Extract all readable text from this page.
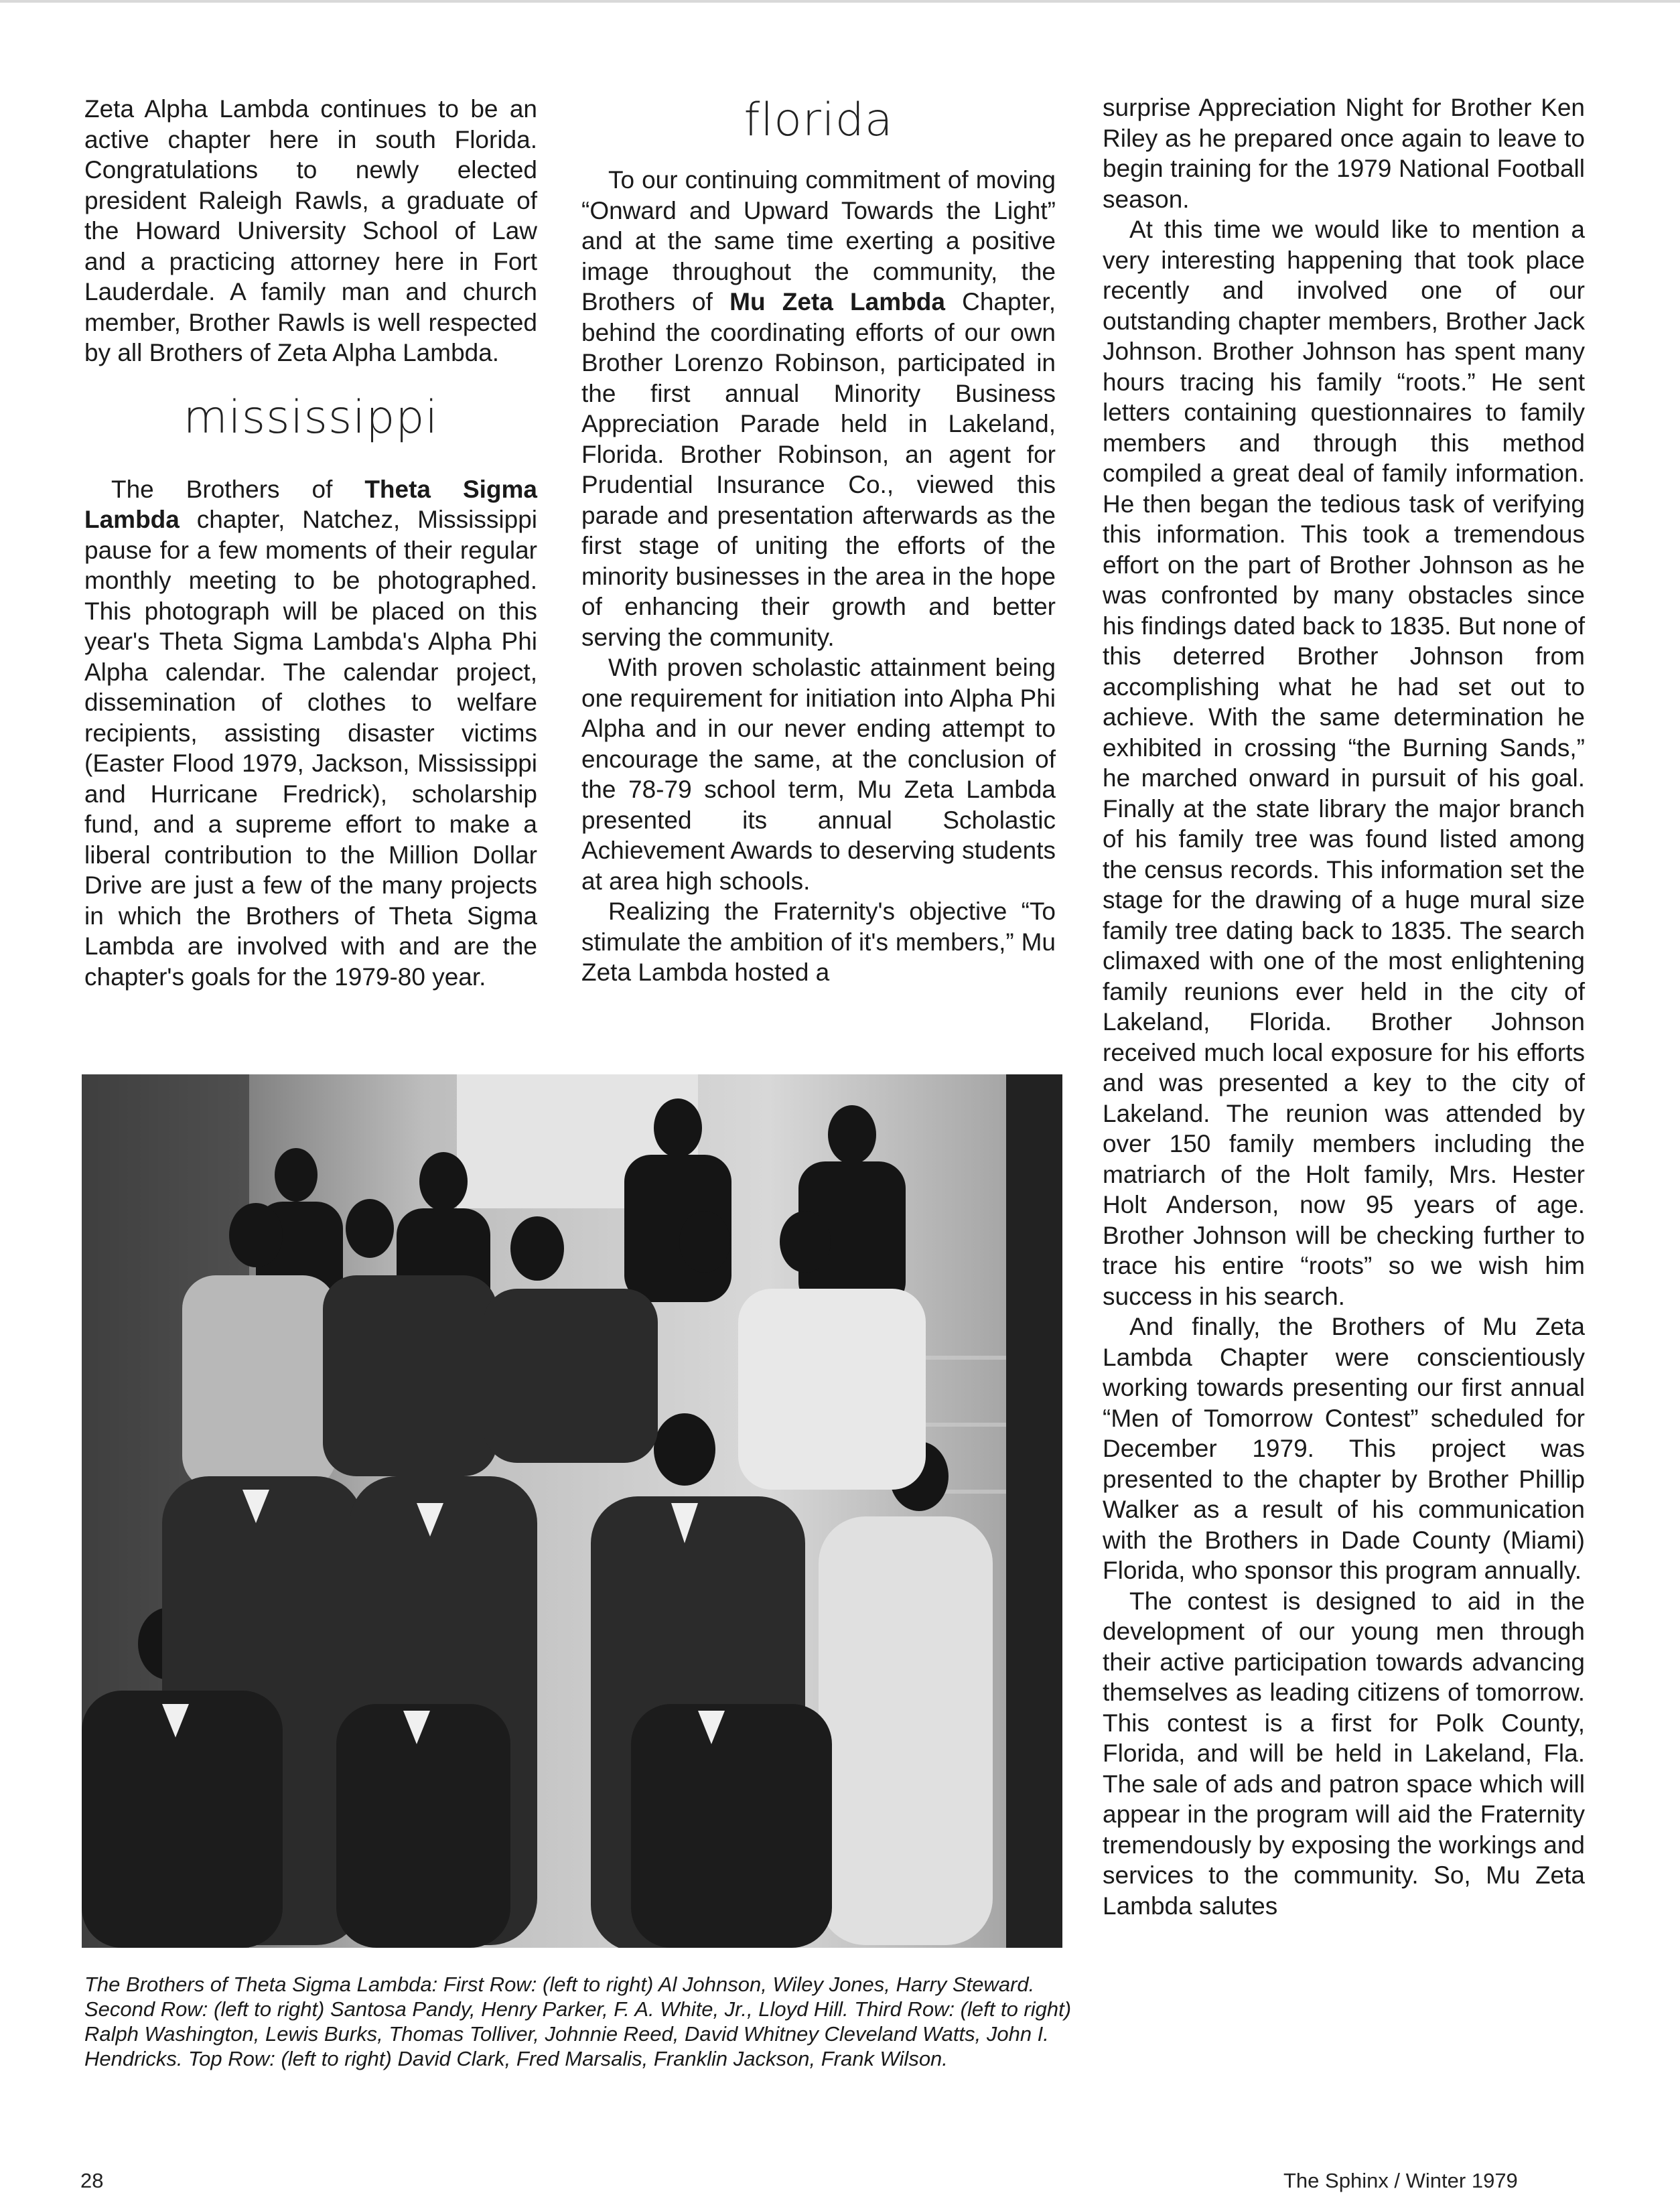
Zeta Alpha Lambda continues to be an active chapter here in south Florida. Congratulations to newly elected president Raleigh Rawls, a graduate of the Howard University School of Law and a practicing attorney here in Fort Lauderdale. A family man and church member, Brother Rawls is well respected by all Brothers of Zeta Alpha Lambda.

mississippi

The Brothers of Theta Sigma Lambda chapter, Natchez, Mississippi pause for a few moments of their regular monthly meeting to be photographed. This photograph will be placed on this year's Theta Sigma Lambda's Alpha Phi Alpha calendar. The calendar project, dissemination of clothes to welfare recipients, assisting disaster victims (Easter Flood 1979, Jackson, Mississippi and Hurricane Fredrick), scholarship fund, and a supreme effort to make a liberal contribution to the Million Dollar Drive are just a few of the many projects in which the Brothers of Theta Sigma Lambda are involved with and are the chapter's goals for the 1979-80 year.

florida

To our continuing commitment of moving “Onward and Upward Towards the Light” and at the same time exerting a positive image throughout the community, the Brothers of Mu Zeta Lambda Chapter, behind the coordinating efforts of our own Brother Lorenzo Robinson, participated in the first annual Minority Business Appreciation Parade held in Lakeland, Florida. Brother Robinson, an agent for Prudential Insurance Co., viewed this parade and presentation afterwards as the first stage of uniting the efforts of the minority businesses in the area in the hope of enhancing their growth and better serving the community.

With proven scholastic attainment being one requirement for initiation into Alpha Phi Alpha and in our never ending attempt to encourage the same, at the conclusion of the 78-79 school term, Mu Zeta Lambda presented its annual Scholastic Achievement Awards to deserving students at area high schools.

Realizing the Fraternity's objective “To stimulate the ambition of it's members,” Mu Zeta Lambda hosted a

surprise Appreciation Night for Brother Ken Riley as he prepared once again to leave to begin training for the 1979 National Football season.

At this time we would like to mention a very interesting happening that took place recently and involved one of our outstanding chapter members, Brother Jack Johnson. Brother Johnson has spent many hours tracing his family “roots.” He sent letters containing questionnaires to family members and through this method compiled a great deal of family information. He then began the tedious task of verifying this information. This took a tremendous effort on the part of Brother Johnson as he was confronted by many obstacles since his findings dated back to 1835. But none of this deterred Brother Johnson from accomplishing what he had set out to achieve. With the same determination he exhibited in crossing “the Burning Sands,” he marched onward in pursuit of his goal. Finally at the state library the major branch of his family tree was found listed among the census records. This information set the stage for the drawing of a huge mural size family tree dating back to 1835. The search climaxed with one of the most enlightening family reunions ever held in the city of Lakeland, Florida. Brother Johnson received much local exposure for his efforts and was presented a key to the city of Lakeland. The reunion was attended by over 150 family members including the matriarch of the Holt family, Mrs. Hester Holt Anderson, now 95 years of age. Brother Johnson will be checking further to trace his entire “roots” so we wish him success in his search.

And finally, the Brothers of Mu Zeta Lambda Chapter were conscientiously working towards presenting our first annual “Men of Tomorrow Contest” scheduled for December 1979. This project was presented to the chapter by Brother Phillip Walker as a result of his communication with the Brothers in Dade County (Miami) Florida, who sponsor this program annually.

The contest is designed to aid in the development of our young men through their active participation towards advancing themselves as leading citizens of tomorrow. This contest is a first for Polk County, Florida, and will be held in Lakeland, Fla. The sale of ads and patron space which will appear in the program will aid the Fraternity tremendously by exposing the workings and services to the community. So, Mu Zeta Lambda salutes

The Brothers of Theta Sigma Lambda: First Row: (left to right) Al Johnson, Wiley Jones, Harry Steward. Second Row: (left to right) Santosa Pandy, Henry Parker, F. A. White, Jr., Lloyd Hill. Third Row: (left to right) Ralph Washington, Lewis Burks, Thomas Tolliver, Johnnie Reed, David Whitney Cleveland Watts, John I. Hendricks. Top Row: (left to right) David Clark, Fred Marsalis, Franklin Jackson, Frank Wilson.
28	The Sphinx / Winter 1979
